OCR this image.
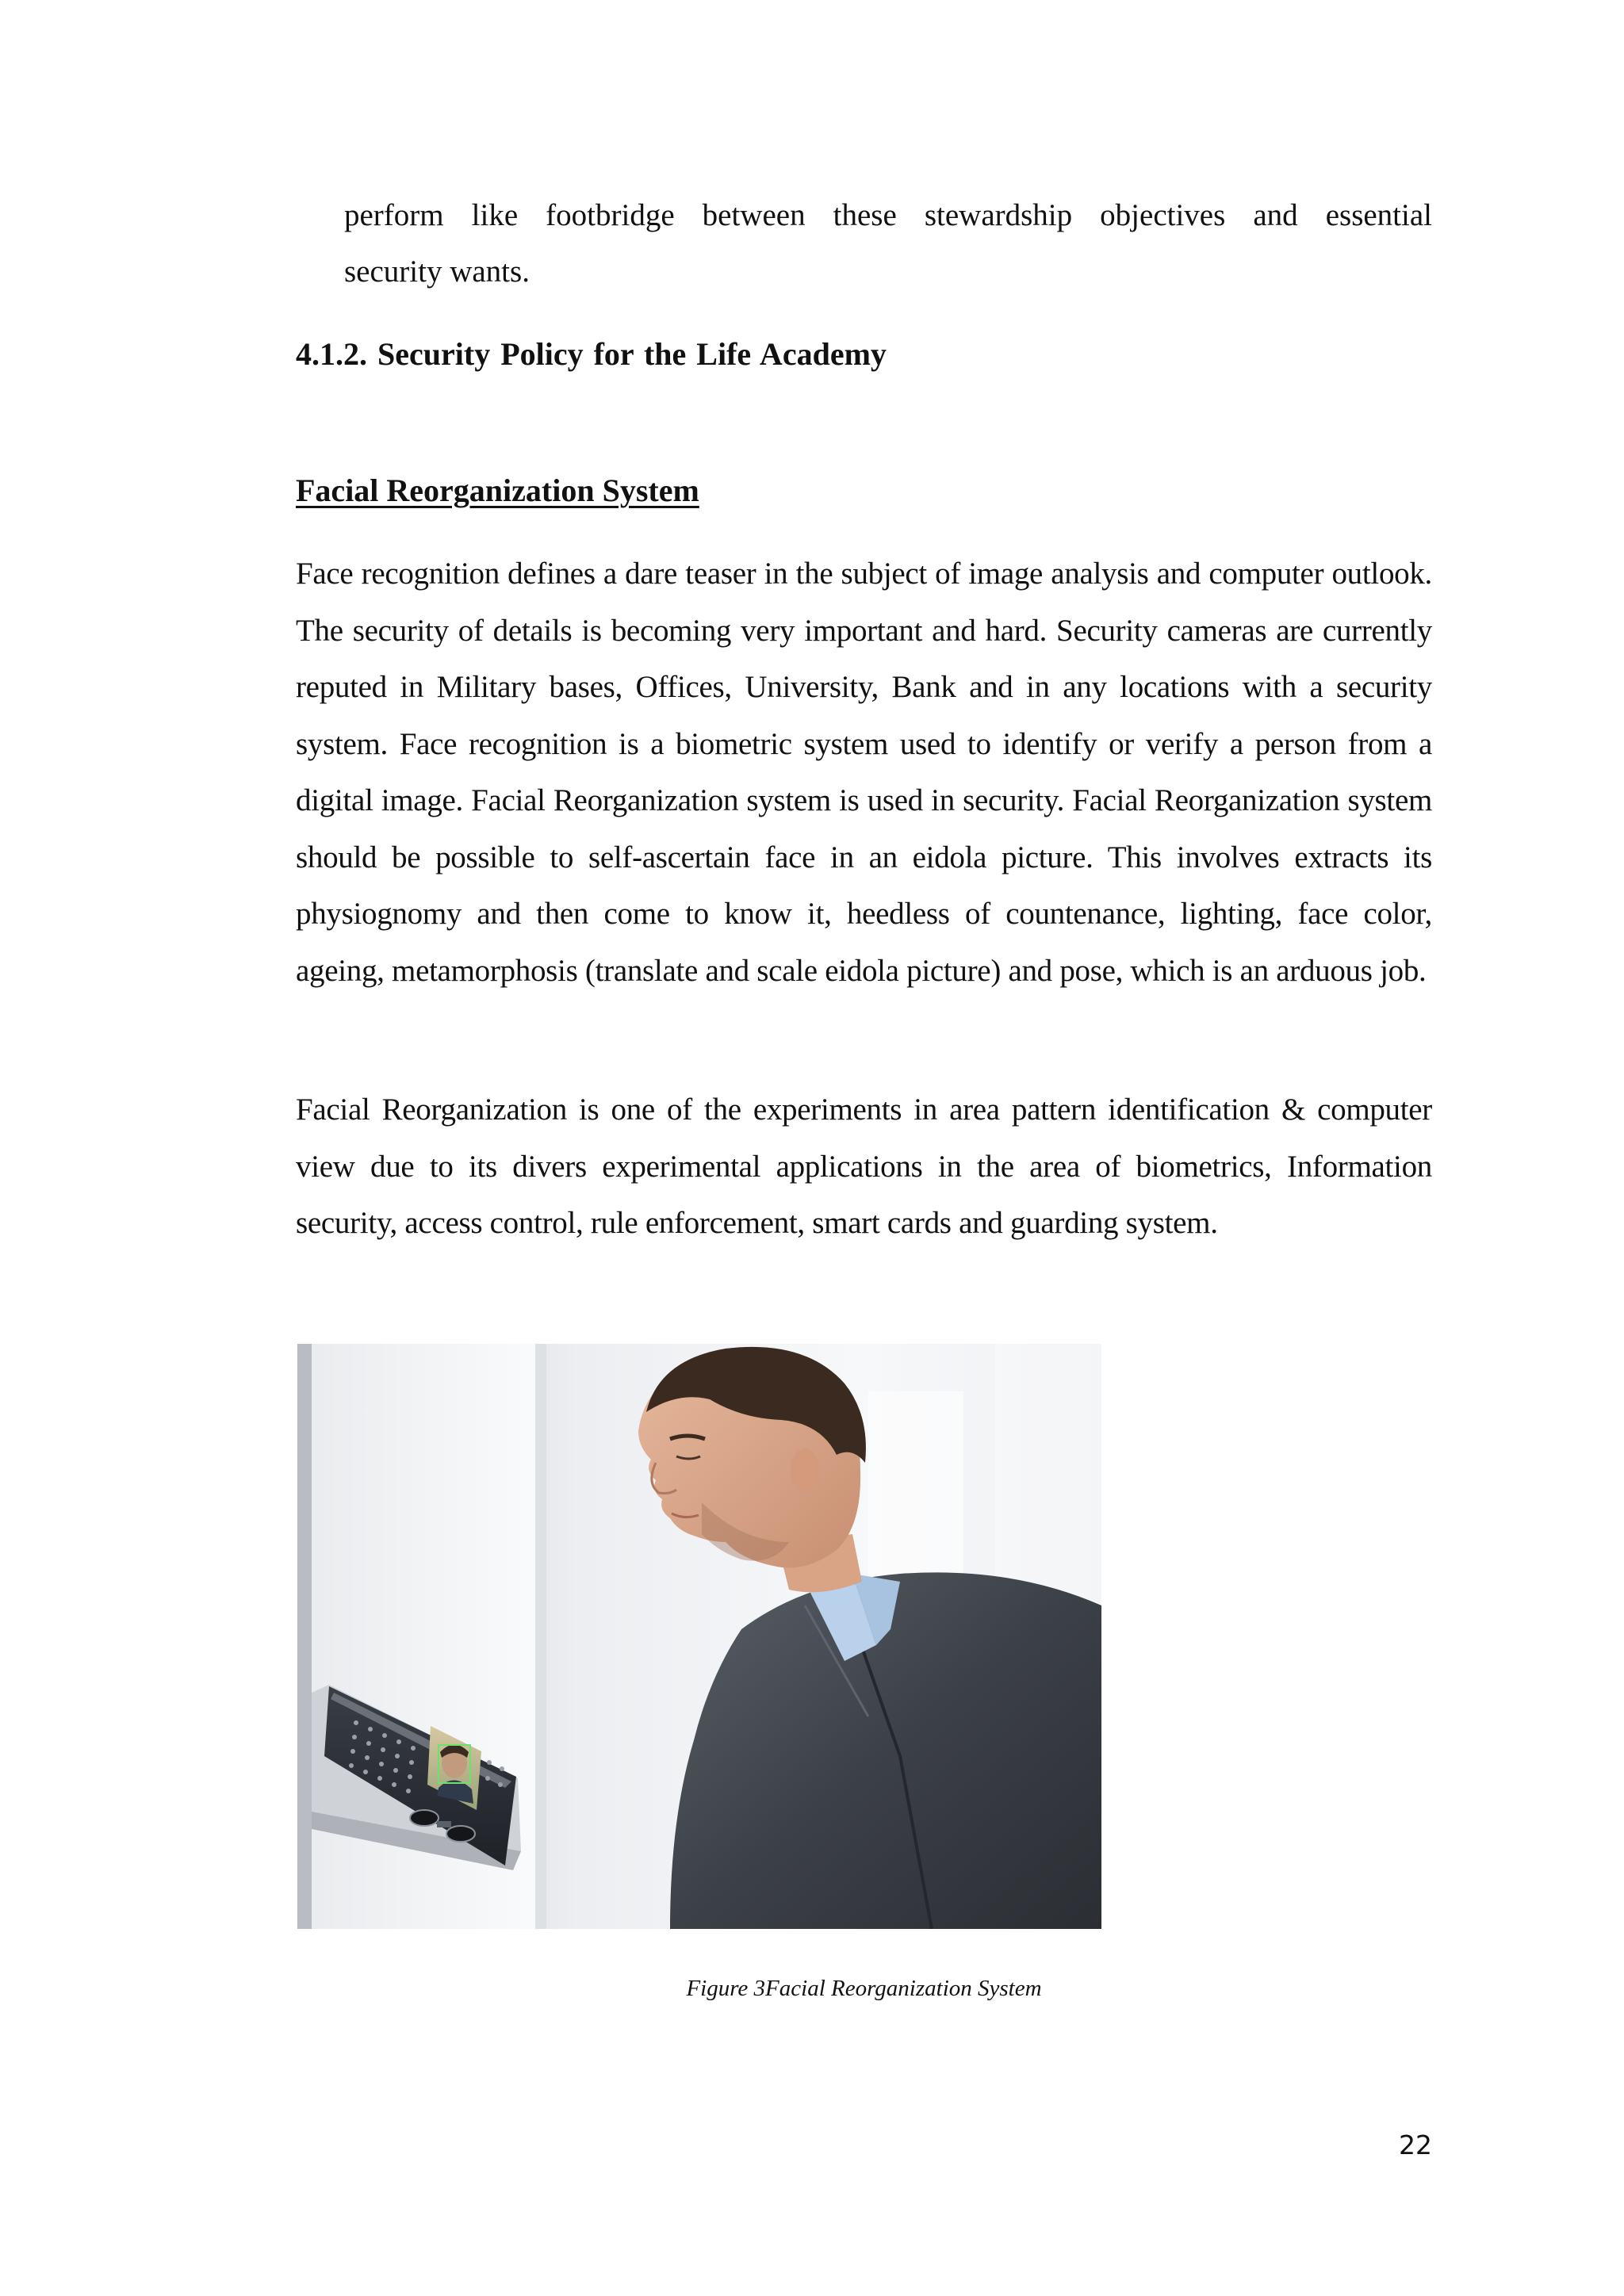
perform like footbridge between these stewardship objectives and essential
security wants.
4.1.2. Security Policy for the Life Academy
Facial Reorganization System
Face recognition defines a dare teaser in the subject of image analysis and computer outlook. The security of details is becoming very important and hard. Security cameras are currently reputed in Military bases, Offices, University, Bank and in any locations with a security system. Face recognition is a biometric system used to identify or verify a person from a digital image. Facial Reorganization system is used in security. Facial Reorganization system should be possible to self-ascertain face in an eidola picture. This involves extracts its physiognomy and then come to know it, heedless of countenance, lighting, face color, ageing, metamorphosis (translate and scale eidola picture) and pose, which is an arduous job.
Facial Reorganization is one of the experiments in area pattern identification & computer view due to its divers experimental applications in the area of biometrics, Information security, access control, rule enforcement, smart cards and guarding system.
Figure 3Facial Reorganization System
22
